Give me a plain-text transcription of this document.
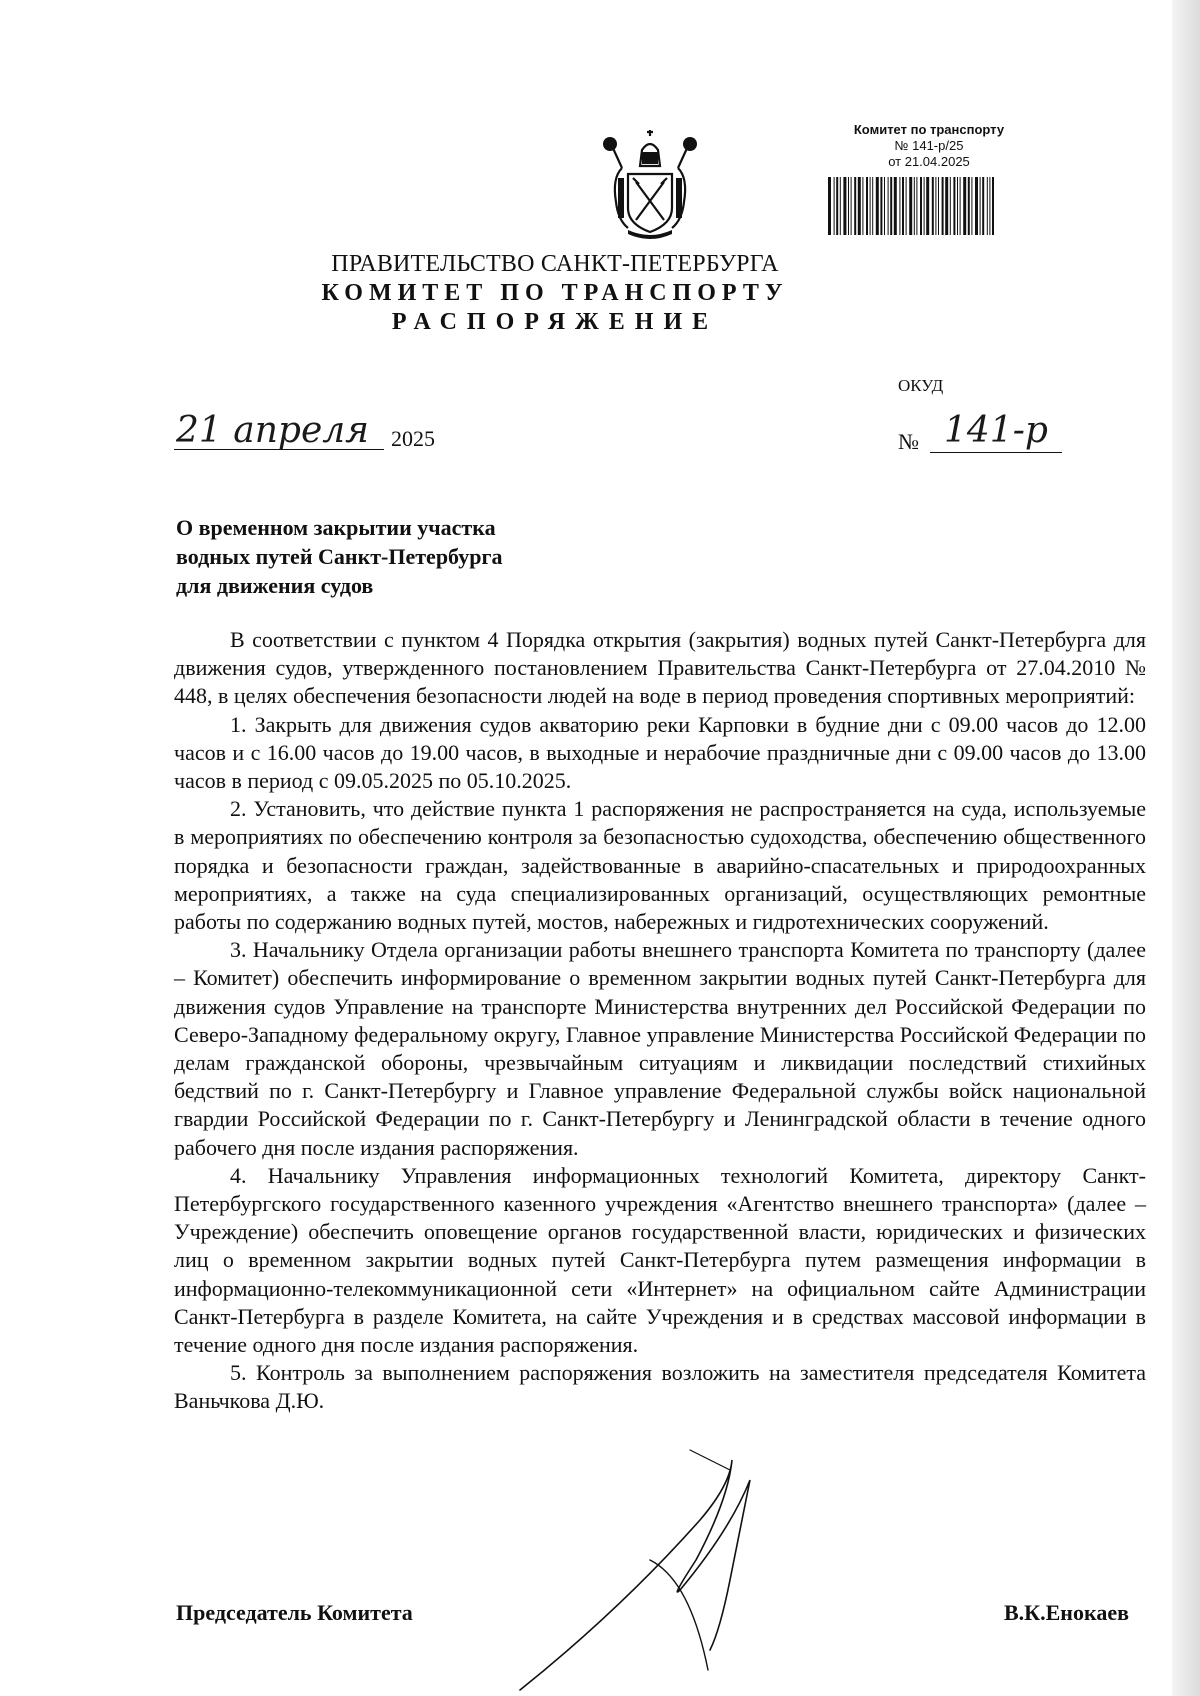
Комитет по транспорту
№ 141-р/25
от 21.04.2025
ПРАВИТЕЛЬСТВО САНКТ-ПЕТЕРБУРГА
КОМИТЕТ ПО ТРАНСПОРТУ
РАСПОРЯЖЕНИЕ
ОКУД
21 апреля 2025	№ 141-р
О временном закрытии участка
водных путей Санкт-Петербурга
для движения судов

В соответствии с пунктом 4 Порядка открытия (закрытия) водных путей Санкт-Петербурга для движения судов, утвержденного постановлением Правительства Санкт-Петербурга от 27.04.2010 № 448, в целях обеспечения безопасности людей на воде в период проведения спортивных мероприятий:

1. Закрыть для движения судов акваторию реки Карповки в будние дни с 09.00 часов до 12.00 часов и с 16.00 часов до 19.00 часов, в выходные и нерабочие праздничные дни с 09.00 часов до 13.00 часов в период с 09.05.2025 по 05.10.2025.

2. Установить, что действие пункта 1 распоряжения не распространяется на суда, используемые в мероприятиях по обеспечению контроля за безопасностью судоходства, обеспечению общественного порядка и безопасности граждан, задействованные в аварийно-спасательных и природоохранных мероприятиях, а также на суда специализированных организаций, осуществляющих ремонтные работы по содержанию водных путей, мостов, набережных и гидротехнических сооружений.

3. Начальнику Отдела организации работы внешнего транспорта Комитета по транспорту (далее – Комитет) обеспечить информирование о временном закрытии водных путей Санкт-Петербурга для движения судов Управление на транспорте Министерства внутренних дел Российской Федерации по Северо-Западному федеральному округу, Главное управление Министерства Российской Федерации по делам гражданской обороны, чрезвычайным ситуациям и ликвидации последствий стихийных бедствий по г. Санкт-Петербургу и Главное управление Федеральной службы войск национальной гвардии Российской Федерации по г. Санкт-Петербургу и Ленинградской области в течение одного рабочего дня после издания распоряжения.

4. Начальнику Управления информационных технологий Комитета, директору Санкт-Петербургского государственного казенного учреждения «Агентство внешнего транспорта» (далее – Учреждение) обеспечить оповещение органов государственной власти, юридических и физических лиц о временном закрытии водных путей Санкт-Петербурга путем размещения информации в информационно-телекоммуникационной сети «Интернет» на официальном сайте Администрации Санкт-Петербурга в разделе Комитета, на сайте Учреждения и в средствах массовой информации в течение одного дня после издания распоряжения.

5. Контроль за выполнением распоряжения возложить на заместителя председателя Комитета Ваньчкова Д.Ю.

Председатель Комитета	В.К.Енокаев
